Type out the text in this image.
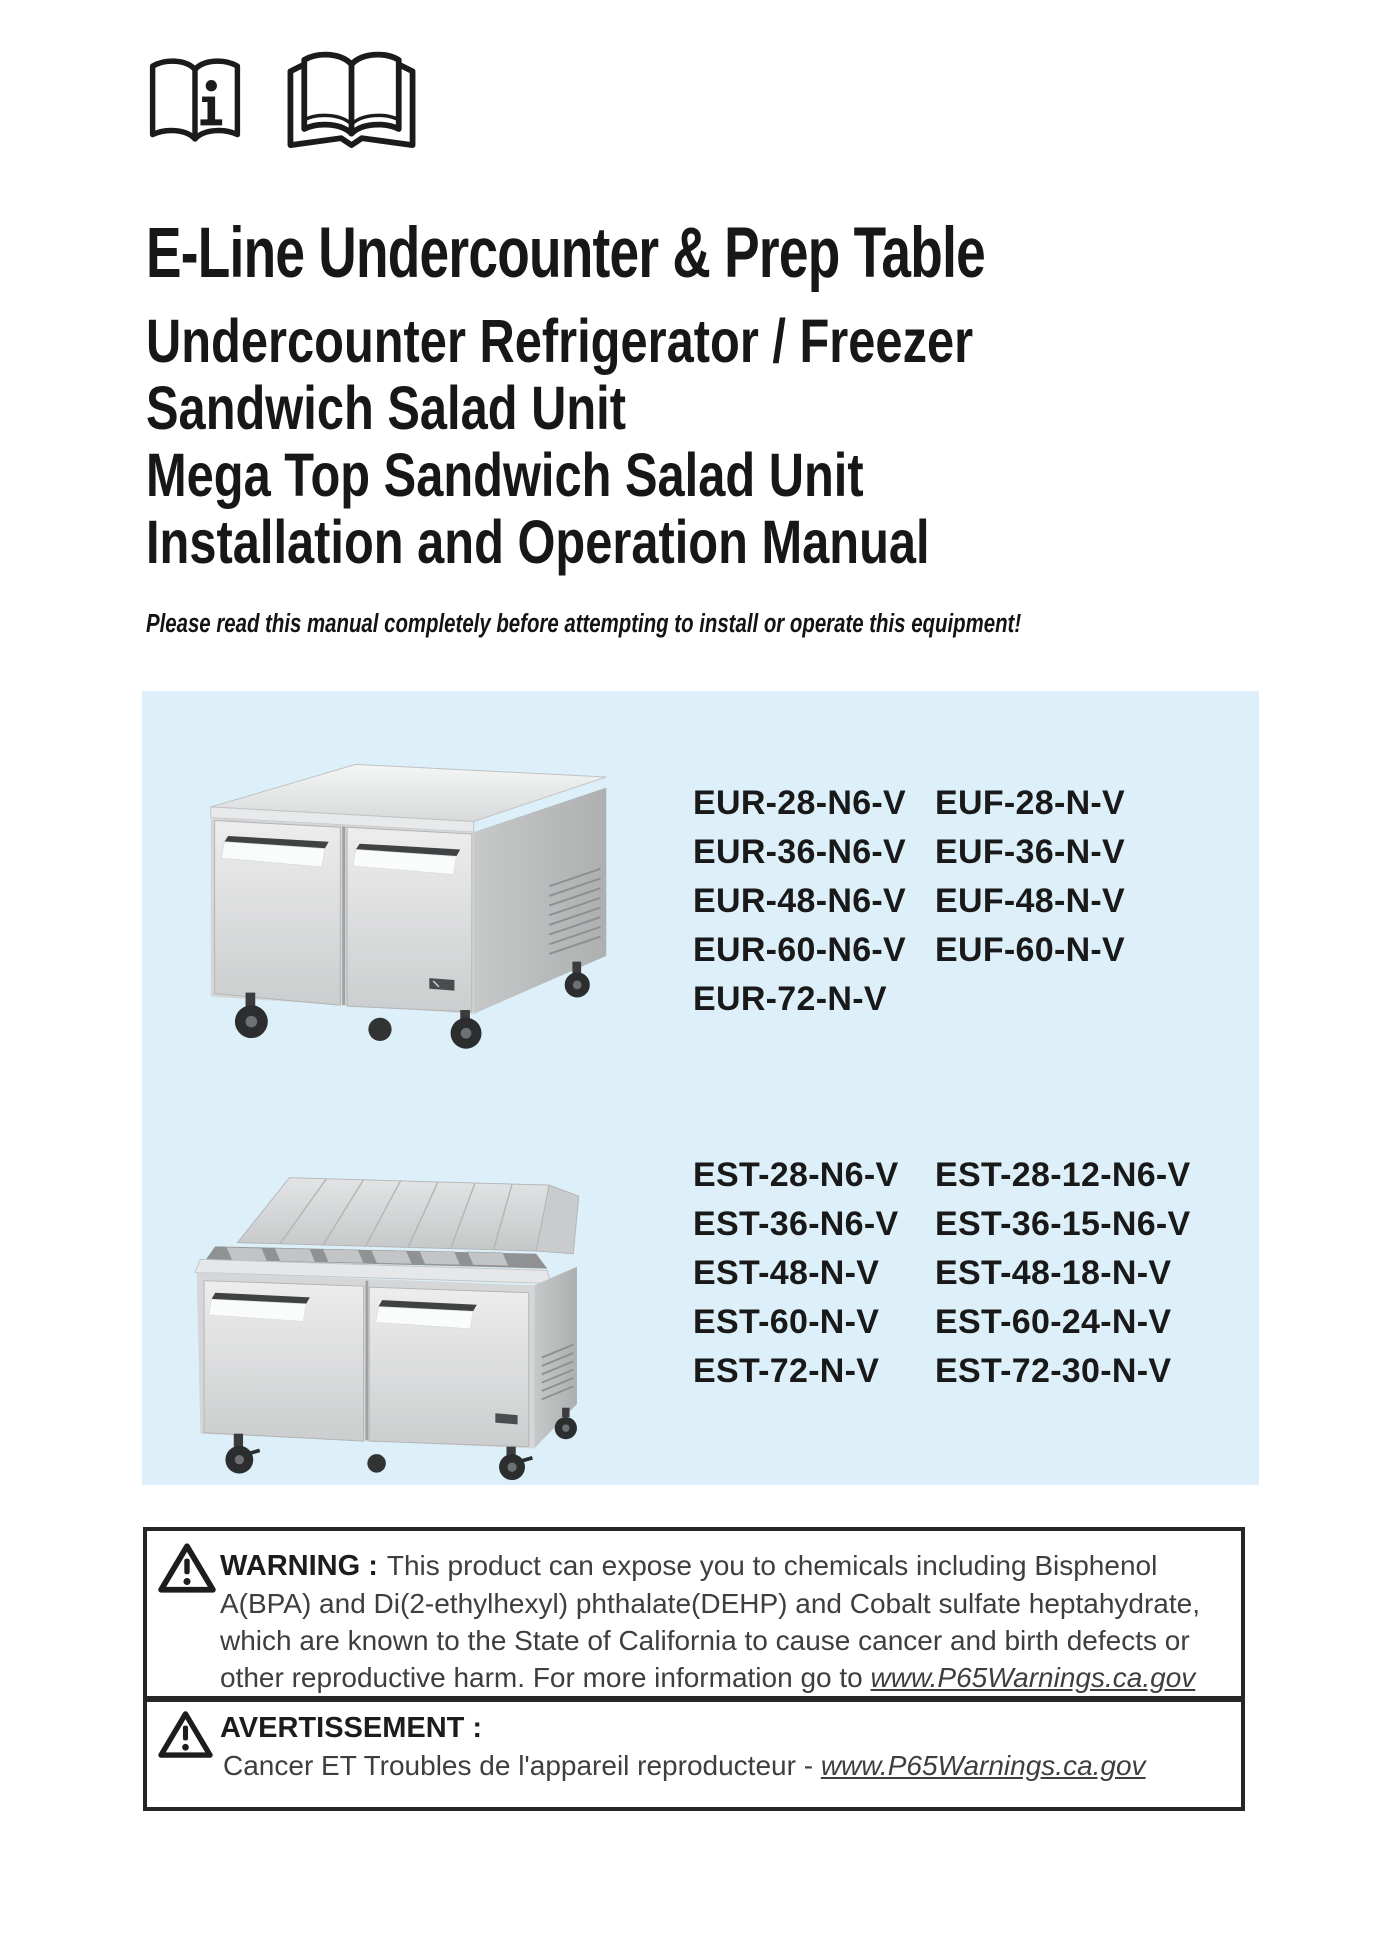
E-Line Undercounter & Prep Table
Undercounter Refrigerator / Freezer
Sandwich Salad Unit
Mega Top Sandwich Salad Unit
Installation and Operation Manual
Please read this manual completely before attempting to install or operate this equipment!
EUR-28-N6-V
EUR-36-N6-V
EUR-48-N6-V
EUR-60-N6-V
EUR-72-N-V
EUF-28-N-V
EUF-36-N-V
EUF-48-N-V
EUF-60-N-V
EST-28-N6-V
EST-36-N6-V
EST-48-N-V
EST-60-N-V
EST-72-N-V
EST-28-12-N6-V
EST-36-15-N6-V
EST-48-18-N-V
EST-60-24-N-V
EST-72-30-N-V

WARNING : This product can expose you to chemicals including Bisphenol A(BPA) and Di(2-ethylhexyl) phthalate(DEHP) and Cobalt sulfate heptahydrate, which are known to the State of California to cause cancer and birth defects or other reproductive harm. For more information go to www.P65Warnings.ca.gov

AVERTISSEMENT :

Cancer ET Troubles de l'appareil reproducteur - www.P65Warnings.ca.gov
